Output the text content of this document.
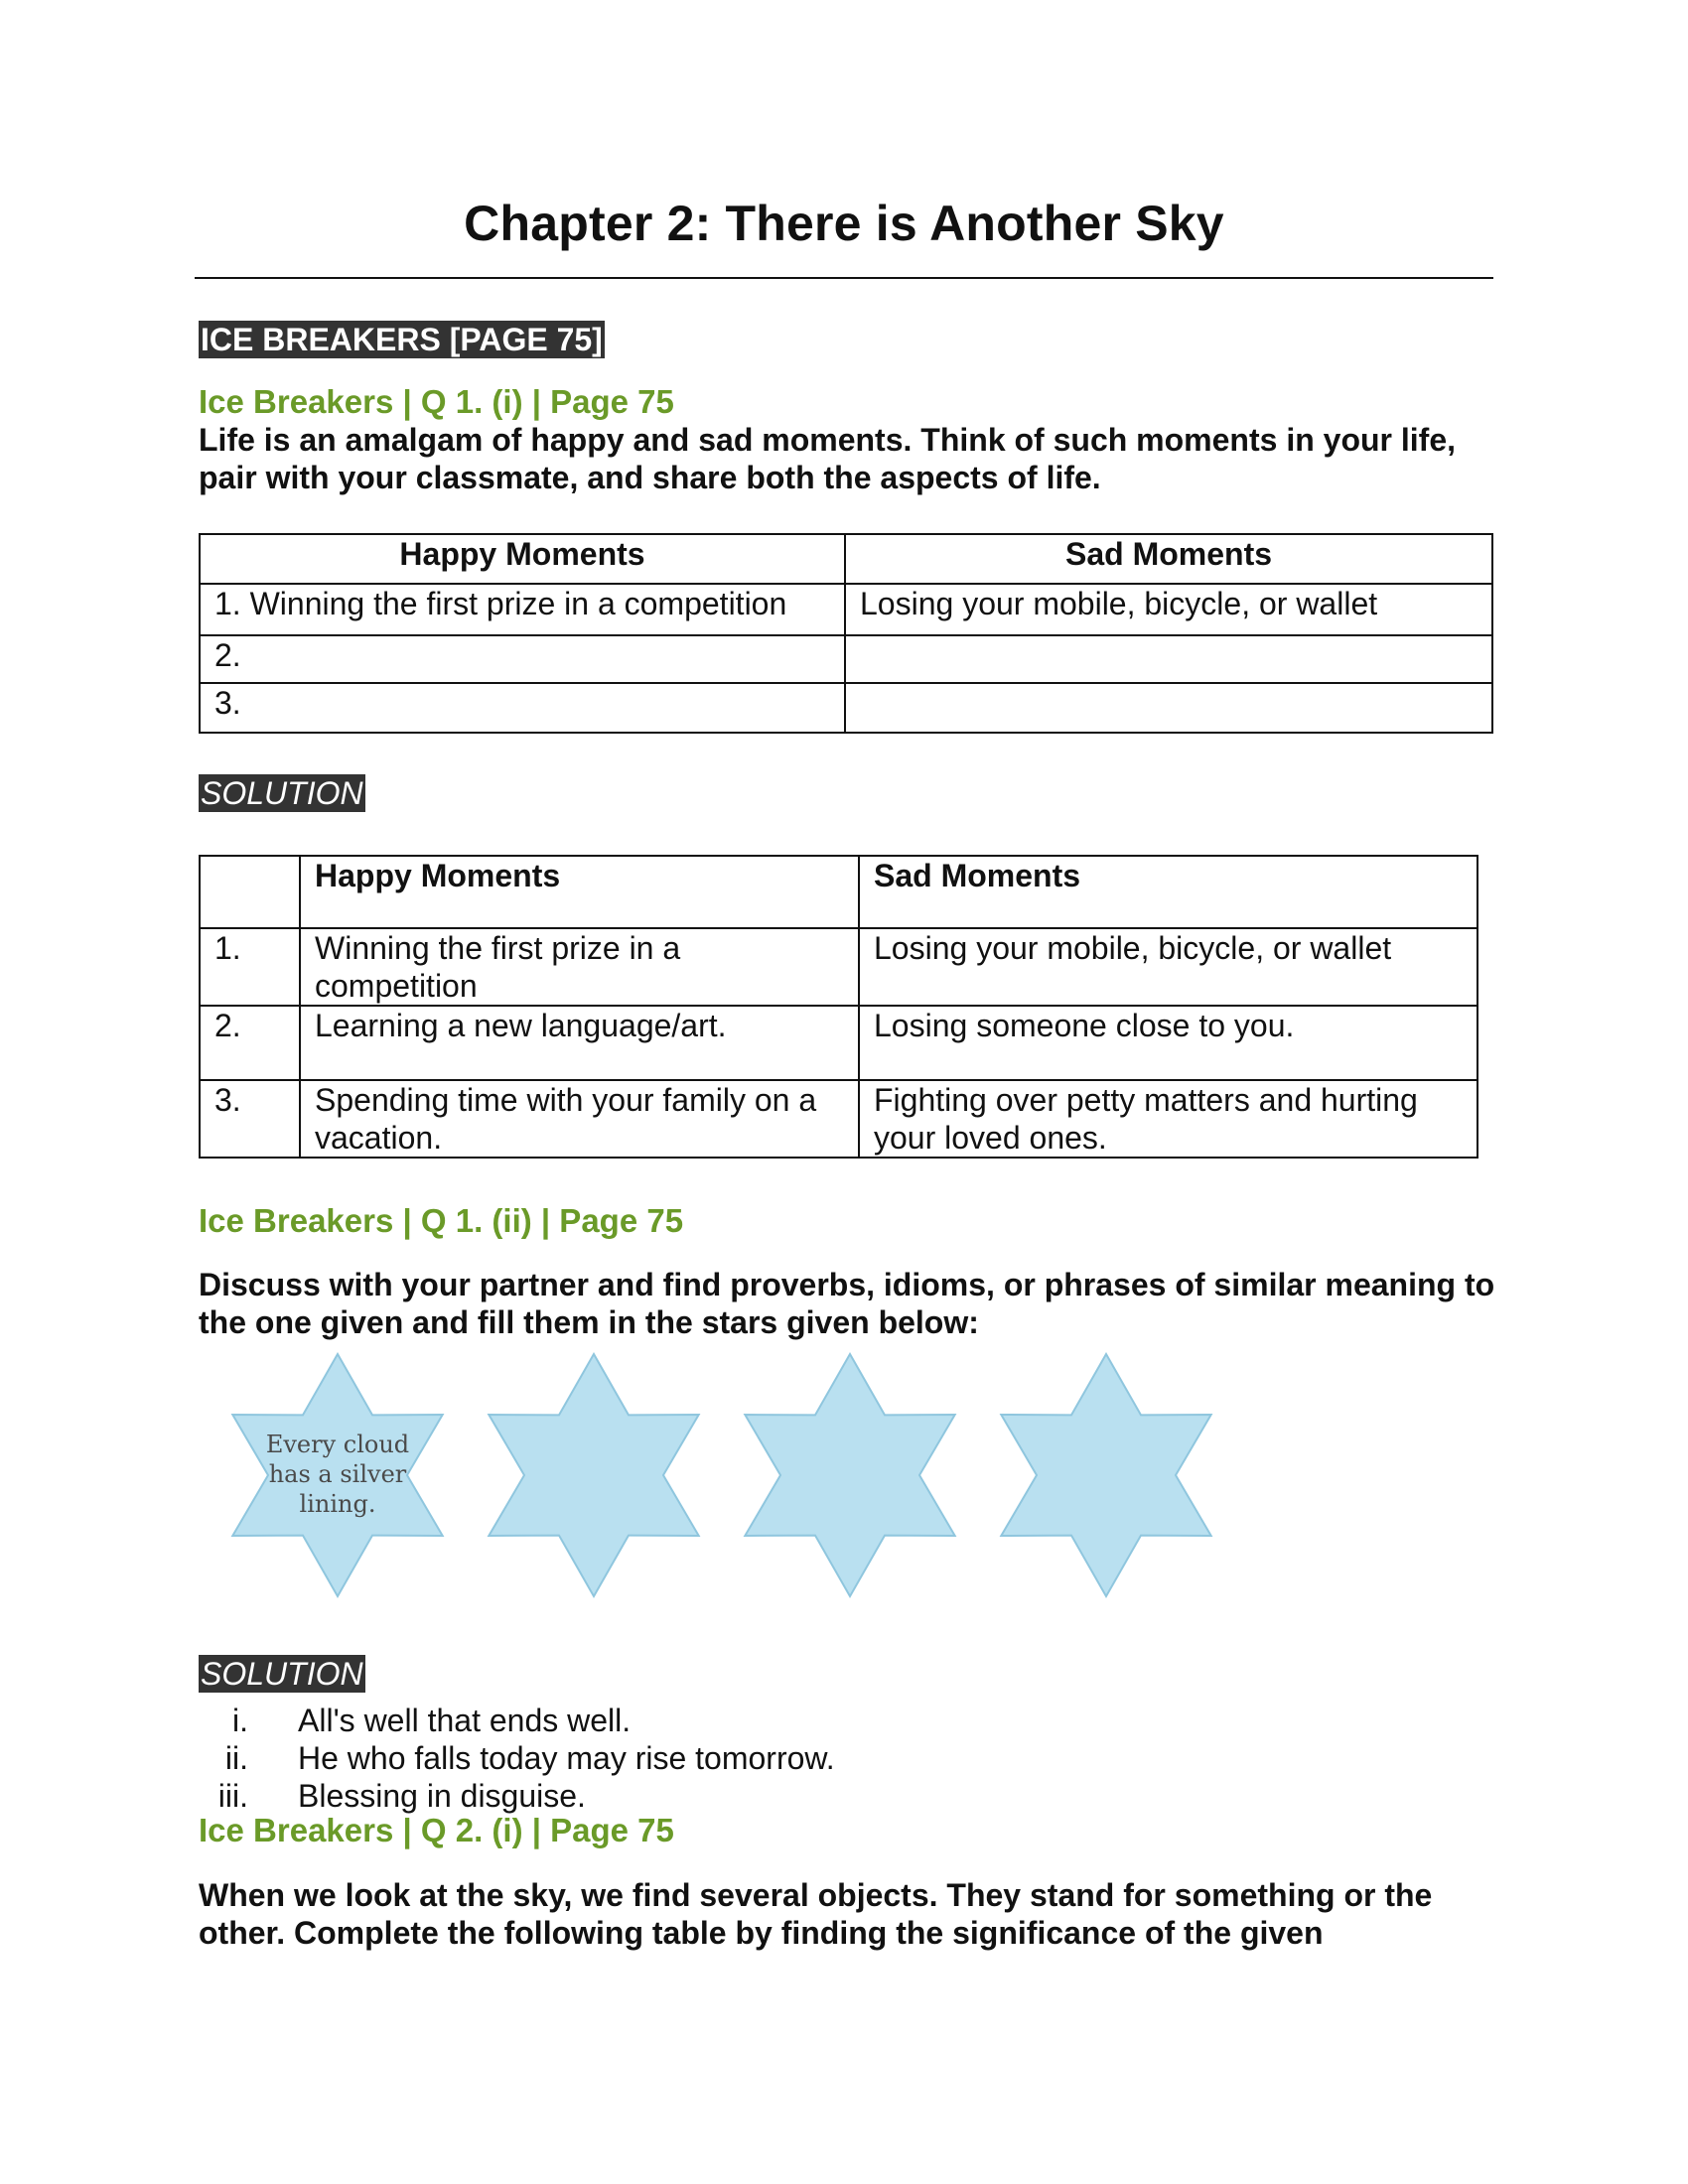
Chapter 2: There is Another Sky
ICE BREAKERS [PAGE 75]
Ice Breakers | Q 1. (i) | Page 75
Life is an amalgam of happy and sad moments. Think of such moments in your life, pair with your classmate, and share both the aspects of life.
Happy Moments	Sad Moments
1. Winning the first prize in a competition	Losing your mobile, bicycle, or wallet
2.	
3.	
SOLUTION
	Happy Moments	Sad Moments
1.	Winning the first prize in a competition	Losing your mobile, bicycle, or wallet
2.	Learning a new language/art.	Losing someone close to you.
3.	Spending time with your family on a vacation.	Fighting over petty matters and hurting your loved ones.
Ice Breakers | Q 1. (ii) | Page 75
Discuss with your partner and find proverbs, idioms, or phrases of similar meaning to the one given and fill them in the stars given below:
Every cloud
has a silver
lining.
SOLUTION
i. All's well that ends well.
ii. He who falls today may rise tomorrow.
iii. Blessing in disguise.
Ice Breakers | Q 2. (i) | Page 75
When we look at the sky, we find several objects. They stand for something or the other. Complete the following table by finding the significance of the given
